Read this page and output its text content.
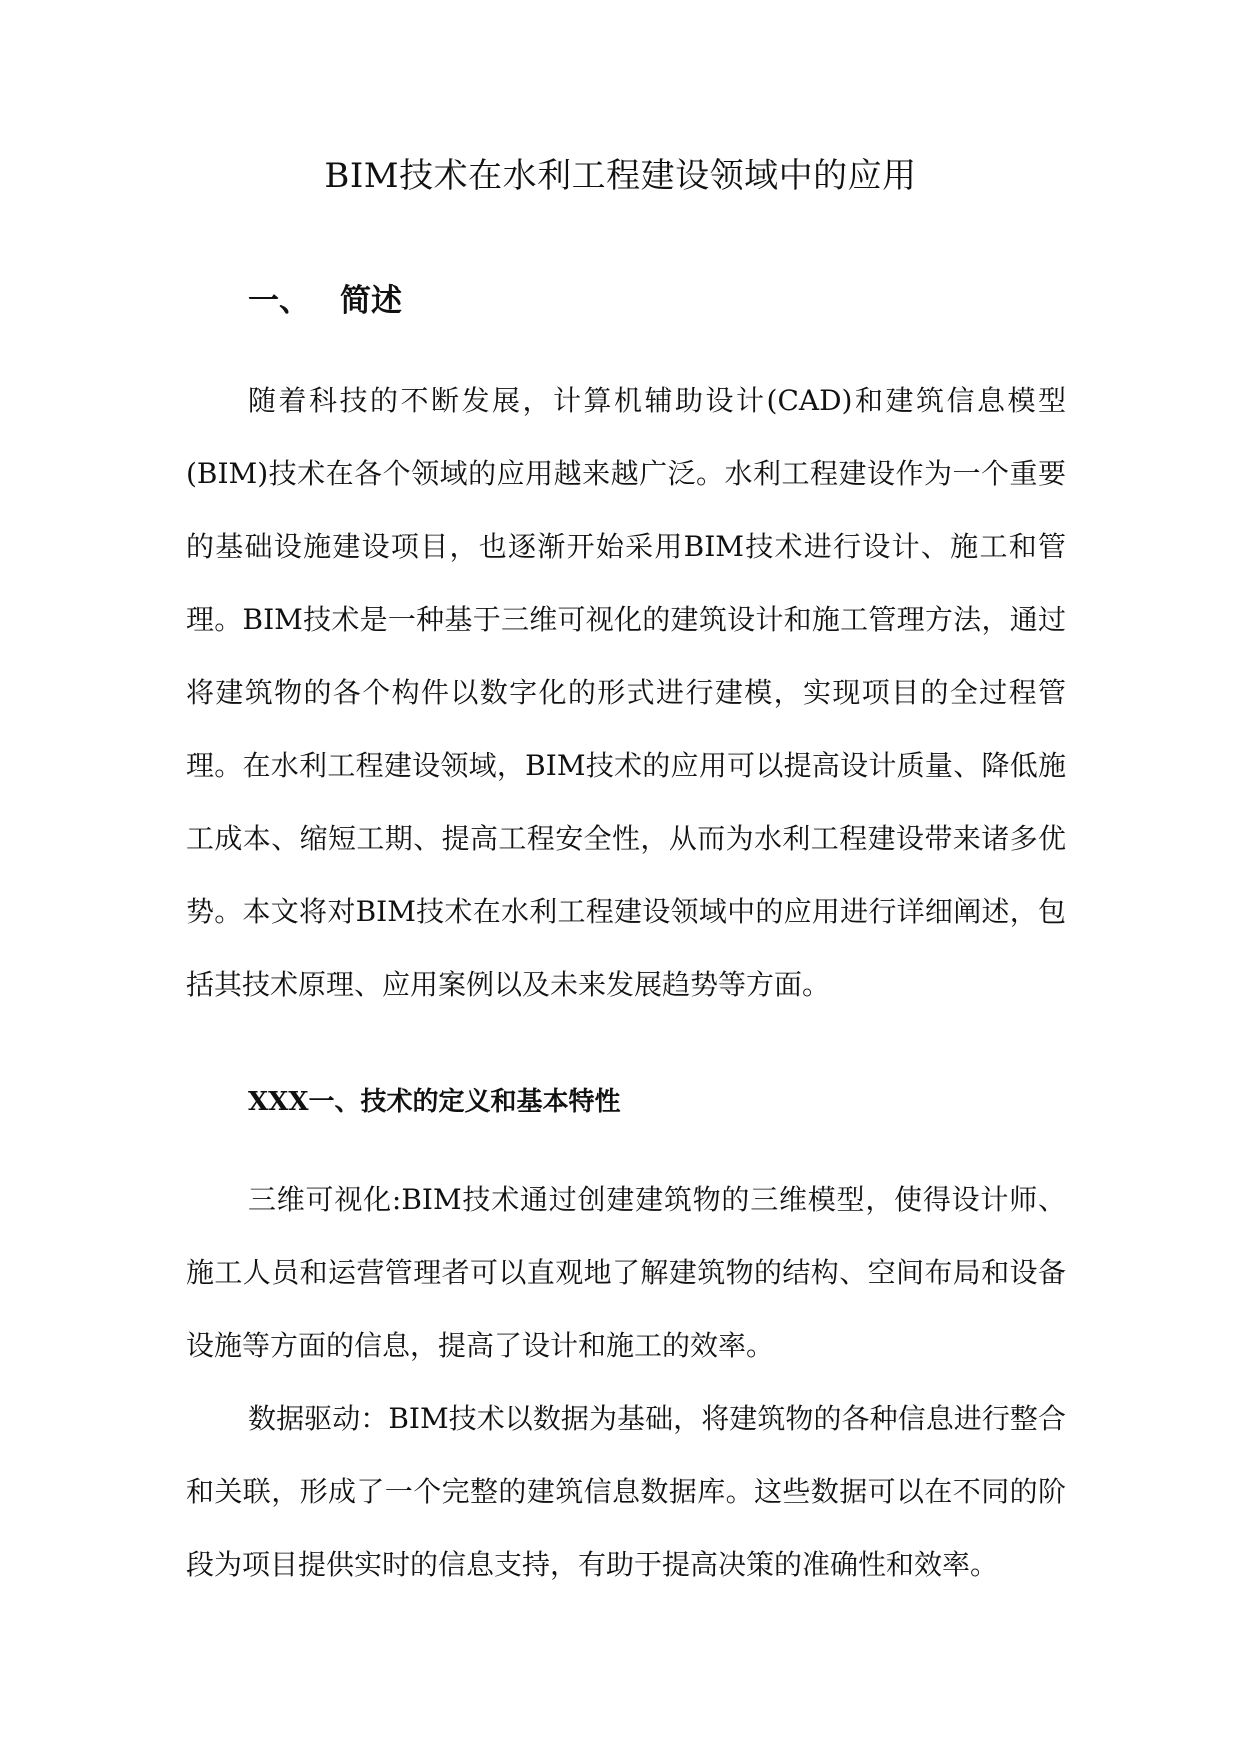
BIM技术在水利工程建设领域中的应用
一、 简述

随着科技的不断发展，计算机辅助设计(CAD)和建筑信息模型(BIM)技术在各个领域的应用越来越广泛。水利工程建设作为一个重要的基础设施建设项目，也逐渐开始采用BIM技术进行设计、施工和管理。BIM技术是一种基于三维可视化的建筑设计和施工管理方法，通过将建筑物的各个构件以数字化的形式进行建模，实现项目的全过程管理。在水利工程建设领域，BIM技术的应用可以提高设计质量、降低施工成本、缩短工期、提高工程安全性，从而为水利工程建设带来诸多优势。本文将对BIM技术在水利工程建设领域中的应用进行详细阐述，包括其技术原理、应用案例以及未来发展趋势等方面。

XXX一、技术的定义和基本特性

三维可视化:BIM技术通过创建建筑物的三维模型，使得设计师、施工人员和运营管理者可以直观地了解建筑物的结构、空间布局和设备设施等方面的信息，提高了设计和施工的效率。

数据驱动：BIM技术以数据为基础，将建筑物的各种信息进行整合和关联，形成了一个完整的建筑信息数据库。这些数据可以在不同的阶段为项目提供实时的信息支持，有助于提高决策的准确性和效率。
